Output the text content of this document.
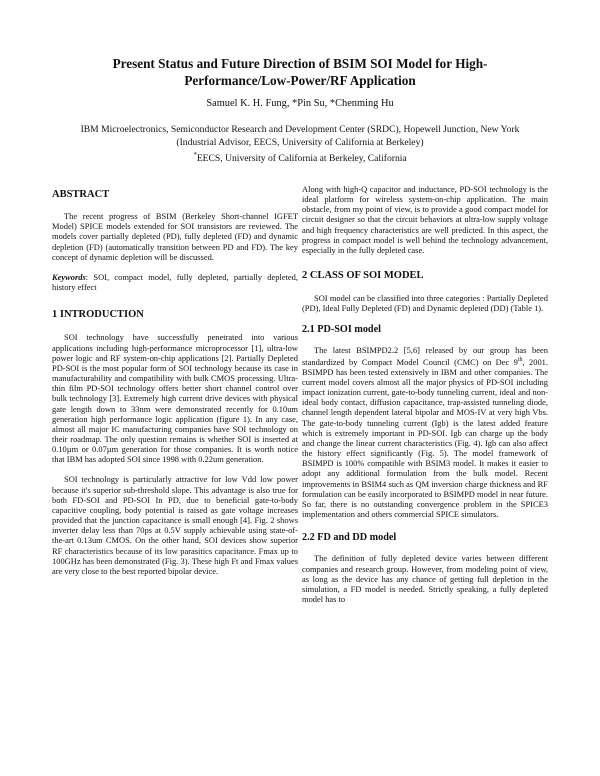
Present Status and Future Direction of BSIM SOI Model for High-
Performance/Low-Power/RF Application
Samuel K. H. Fung, *Pin Su, *Chenming Hu
IBM Microelectronics, Semiconductor Research and Development Center (SRDC), Hopewell Junction, New York
(Industrial Advisor, EECS, University of California at Berkeley)
*EECS, University of California at Berkeley, California

ABSTRACT

The recent progress of BSIM (Berkeley Short-channel IGFET Model) SPICE models extended for SOI transistors are reviewed. The models cover partially depleted (PD), fully depleted (FD) and dynamic depletion (FD) (automatically transition between PD and FD). The key concept of dynamic depletion will be discussed.

Keywords: SOI, compact model, fully depleted, partially depleted, history effect

1 INTRODUCTION

SOI technology have successfully penetrated into various applications including high-performance microprocessor [1], ultra-low power logic and RF system-on-chip applications [2]. Partially Depleted PD-SOI is the most popular form of SOI technology because its case in manufacturability and compatibility with bulk CMOS processing. Ultra-thin film PD-SOI technology offers better short channel control over bulk technology [3]. Extremely high current drive devices with physical gate length down to 33nm were demonstrated recently for 0.10um generation high performance logic application (figure 1). In any case, almost all major IC manufacturing companies have SOI technology on their roadmap. The only question remains is whether SOI is inserted at 0.10µm or 0.07µm generation for those companies. It is worth notice that IBM has adopted SOI since 1998 with 0.22um generation.

SOI technology is particularly attractive for low Vdd low power because it's superior sub-threshold slope. This advantage is also true for both FD-SOI and PD-SOI In PD, due to beneficial gate-to-body capacitive coupling, body potential is raised as gate voltage increases provided that the junction capacitance is small enough [4]. Fig. 2 shows inverter delay less than 70ps at 0.5V supply achievable using state-of-the-art 0.13um CMOS. On the other hand, SOI devices show superior RF characteristics because of its low parasitics capacitance. Fmax up to 100GHz has been demonstrated (Fig. 3). These high Ft and Fmax values are very close to the best reported bipolar device.

Along with high-Q capacitor and inductance, PD-SOI technology is the ideal platform for wireless system-on-chip application. The main obstacle, from my point of view, is to provide a good compact model for circuit designer so that the circuit behaviors at ultra-low supply voltage and high frequency characteristics are well predicted. In this aspect, the progress in compact model is well behind the technology advancement, especially in the fully depleted case.

2 CLASS OF SOI MODEL

SOI model can be classified into three categories : Partially Depleted (PD), Ideal Fully Depleted (FD) and Dynamic depleted (DD) (Table 1).

2.1 PD-SOI model

The latest BSIMPD2.2 [5,6] released by our group has been standardized by Compact Model Council (CMC) on Dec 9th, 2001. BSIMPD has been tested extensively in IBM and other companies. The current model covers almost all the major physics of PD-SOI including impact ionization current, gate-to-body tunneling current, ideal and non-ideal body contact, diffusion capacitance, trap-assisted tunneling diode, channel length dependent lateral bipolar and MOS-IV at very high Vbs. The gate-to-body tunneling current (Igb) is the latest added feature which is extremely important in PD-SOI. Igb can charge up the body and change the linear current characteristics (Fig. 4). Igb can also affect the history effect significantly (Fig. 5). The model framework of BSIMPD is 100% compatible with BSIM3 model. It makes it easier to adopt any additional formulation from the bulk model. Recent improvements in BSIM4 such as QM inversion charge thickness and RF formulation can be easily incorporated to BSIMPD model in near future. So far, there is no outstanding convergence problem in the SPICE3 implementation and others commercial SPICE simulators.

2.2 FD and DD model

The definition of fully depleted device varies between different companies and research group. However, from modeling point of view, as long as the device has any chance of getting full depletion in the simulation, a FD model is needed. Strictly speaking, a fully depleted model has to
